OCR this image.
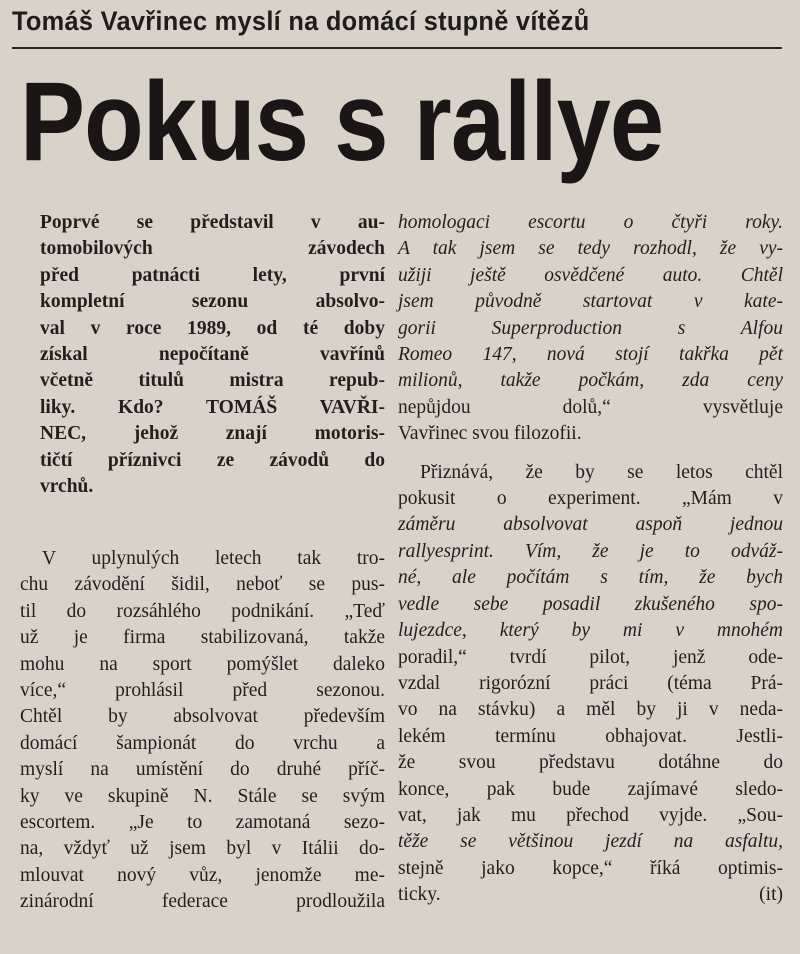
Tomáš Vavřinec myslí na domácí stupně vítězů
Pokus s rallye
Poprvé se představil v au-
tomobilových závodech
před patnácti lety, první
kompletní sezonu absolvo-
val v roce 1989, od té doby
získal nepočítaně vavřínů
včetně titulů mistra repub-
liky. Kdo? TOMÁŠ VAVŘI-
NEC, jehož znají motoris-
tičtí příznivci ze závodů do
vrchů.
V uplynulých letech tak tro-
chu závodění šidil, neboť se pus-
til do rozsáhlého podnikání. „Teď
už je firma stabilizovaná, takže
mohu na sport pomýšlet daleko
více,“ prohlásil před sezonou.
Chtěl by absolvovat především
domácí šampionát do vrchu a
myslí na umístění do druhé příč-
ky ve skupině N. Stále se svým
escortem. „Je to zamotaná sezo-
na, vždyť už jsem byl v Itálii do-
mlouvat nový vůz, jenomže me-
zinárodní federace prodloužila
homologaci escortu o čtyři roky.
A tak jsem se tedy rozhodl, že vy-
užiji ještě osvědčené auto. Chtěl
jsem původně startovat v kate-
gorii Superproduction s Alfou
Romeo 147, nová stojí takřka pět
milionů, takže počkám, zda ceny
nepůjdou dolů,“ vysvětluje
Vavřinec svou filozofii.
Přiznává, že by se letos chtěl
pokusit o experiment. „Mám v
záměru absolvovat aspoň jednou
rallyesprint. Vím, že je to odváž-
né, ale počítám s tím, že bych
vedle sebe posadil zkušeného spo-
lujezdce, který by mi v mnohém
poradil,“ tvrdí pilot, jenž ode-
vzdal rigorózní práci (téma Prá-
vo na stávku) a měl by ji v neda-
lekém termínu obhajovat. Jestli-
že svou představu dotáhne do
konce, pak bude zajímavé sledo-
vat, jak mu přechod vyjde. „Sou-
těže se většinou jezdí na asfaltu,
stejně jako kopce,“ říká optimis-
ticky.	(it)
